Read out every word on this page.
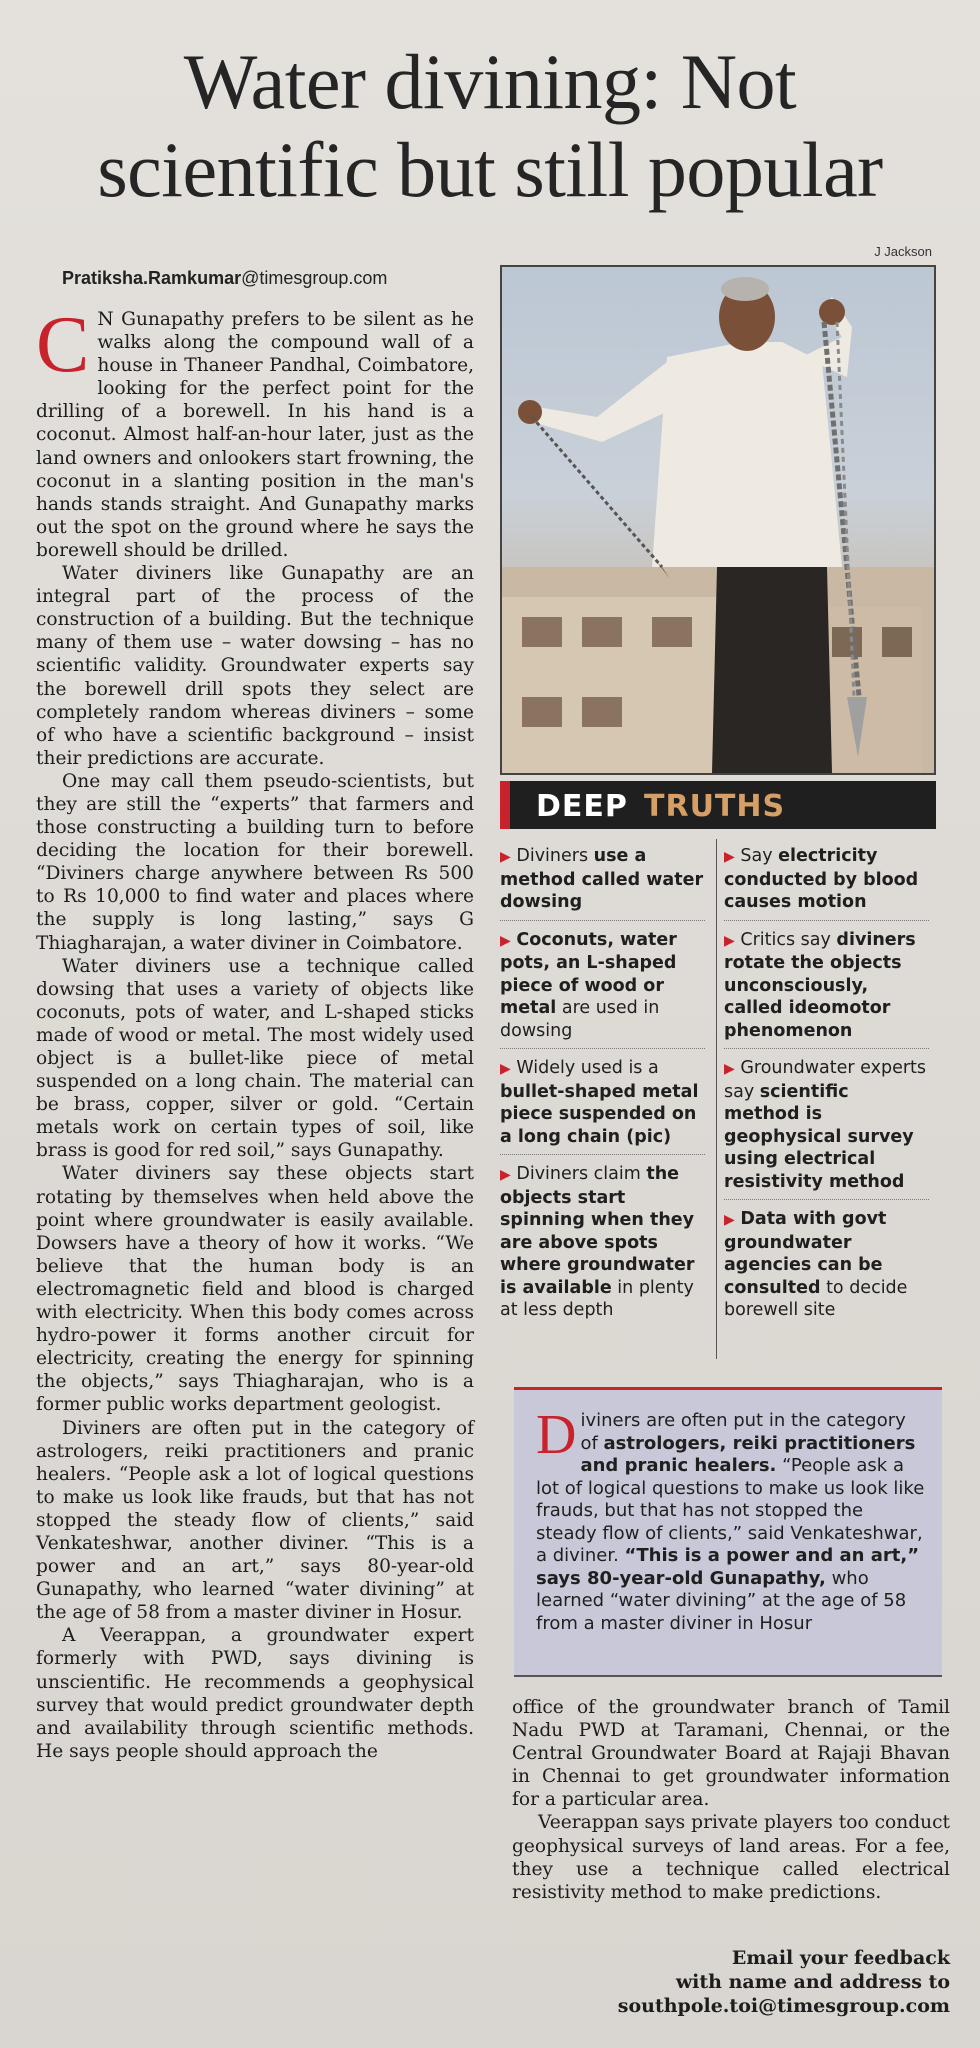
Water divining: Not
scientific but still popular
J Jackson
Pratiksha.Ramkumar@timesgroup.com

C N Gunapathy prefers to be silent as he walks along the compound wall of a house in Thaneer Pandhal, Coimbatore, looking for the perfect point for the drilling of a borewell. In his hand is a coconut. Almost half-an-hour later, just as the land owners and onlookers start frowning, the coconut in a slanting position in the man's hands stands straight. And Gunapathy marks out the spot on the ground where he says the borewell should be drilled.

Water diviners like Gunapathy are an integral part of the process of the construction of a building. But the technique many of them use – water dowsing – has no scientific validity. Groundwater experts say the borewell drill spots they select are completely random whereas diviners – some of who have a scientific background – insist their predictions are accurate.

One may call them pseudo-scientists, but they are still the “experts” that farmers and those constructing a building turn to before deciding the location for their borewell. “Diviners charge anywhere between Rs 500 to Rs 10,000 to find water and places where the supply is long lasting,” says G Thiagharajan, a water diviner in Coimbatore.

Water diviners use a technique called dowsing that uses a variety of objects like coconuts, pots of water, and L-shaped sticks made of wood or metal. The most widely used object is a bullet-like piece of metal suspended on a long chain. The material can be brass, copper, silver or gold. “Certain metals work on certain types of soil, like brass is good for red soil,” says Gunapathy.

Water diviners say these objects start rotating by themselves when held above the point where groundwater is easily available. Dowsers have a theory of how it works. “We believe that the human body is an electromagnetic field and blood is charged with electricity. When this body comes across hydro-power it forms another circuit for electricity, creating the energy for spinning the objects,” says Thiagharajan, who is a former public works department geologist.

Diviners are often put in the category of astrologers, reiki practitioners and pranic healers. “People ask a lot of logical questions to make us look like frauds, but that has not stopped the steady flow of clients,” said Venkateshwar, another diviner. “This is a power and an art,” says 80-year-old Gunapathy, who learned “water divining” at the age of 58 from a master diviner in Hosur.

A Veerappan, a groundwater expert formerly with PWD, says divining is unscientific. He recommends a geophysical survey that would predict groundwater depth and availability through scientific methods. He says people should approach the

DEEP TRUTHS
▶ Diviners use a method called water dowsing
▶ Coconuts, water pots, an L-shaped piece of wood or metal are used in dowsing
▶ Widely used is a bullet-shaped metal piece suspended on a long chain (pic)
▶ Diviners claim the objects start spinning when they are above spots where groundwater is available in plenty at less depth
▶ Say electricity conducted by blood causes motion
▶ Critics say diviners rotate the objects unconsciously, called ideomotor phenomenon
▶ Groundwater experts say scientific method is geophysical survey using electrical resistivity method
▶ Data with govt groundwater agencies can be consulted to decide borewell site
Diviners are often put in the category of astrologers, reiki practitioners and pranic healers. “People ask a lot of logical questions to make us look like frauds, but that has not stopped the steady flow of clients,” said Venkateshwar, a diviner. “This is a power and an art,” says 80-year-old Gunapathy, who learned “water divining” at the age of 58 from a master diviner in Hosur

office of the groundwater branch of Tamil Nadu PWD at Taramani, Chennai, or the Central Groundwater Board at Rajaji Bhavan in Chennai to get groundwater information for a particular area.

Veerappan says private players too conduct geophysical surveys of land areas. For a fee, they use a technique called electrical resistivity method to make predictions.

Email your feedback
with name and address to
southpole.toi@timesgroup.com
